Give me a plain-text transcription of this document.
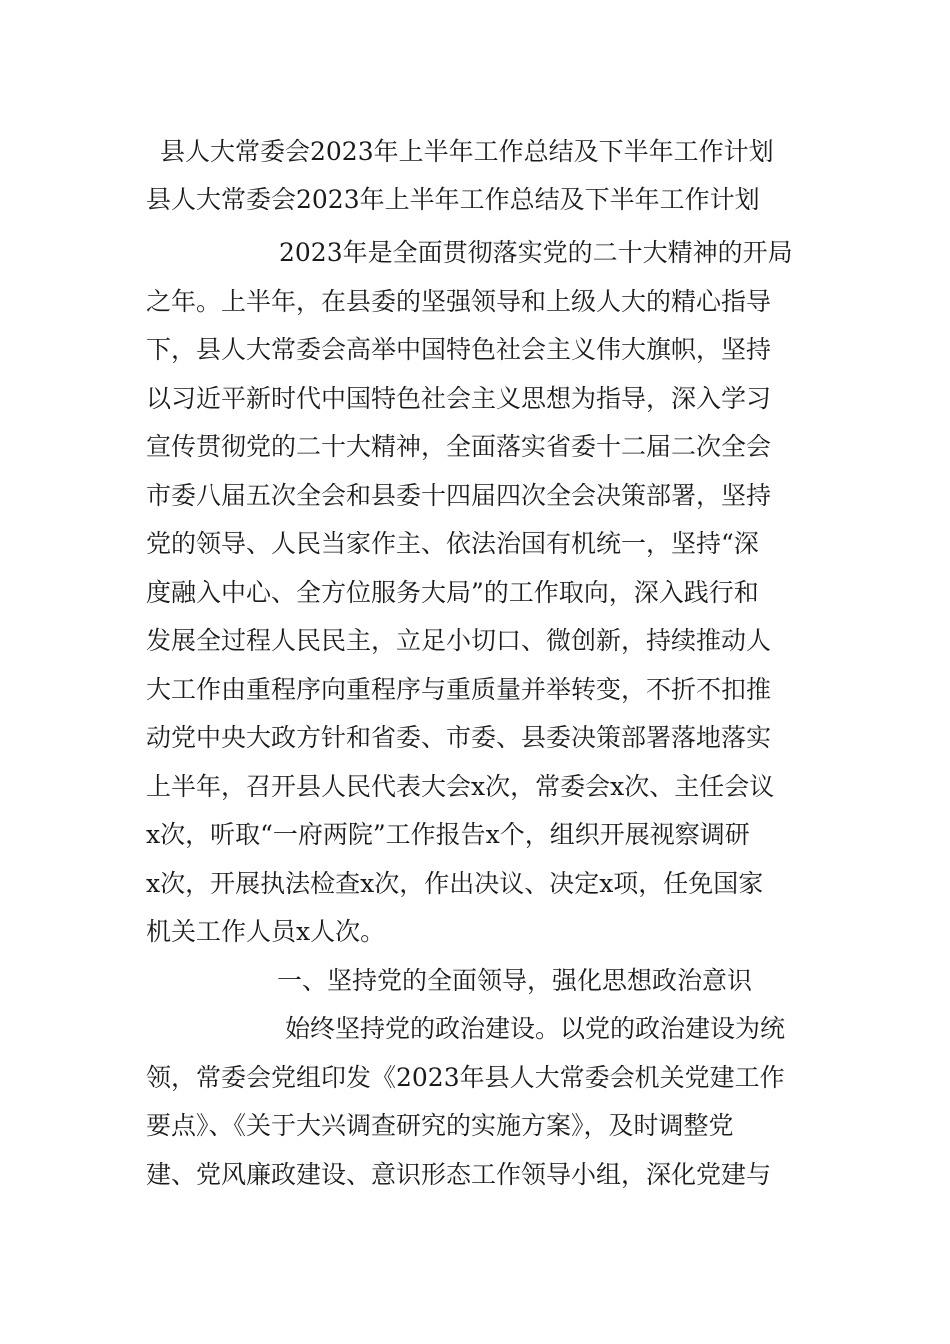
县人大常委会2023年上半年工作总结及下半年工作计划
县人大常委会2023年上半年工作总结及下半年工作计划
2023年是全面贯彻落实党的二十大精神的开局
之年。上半年，在县委的坚强领导和上级人大的精心指导
下，县人大常委会高举中国特色社会主义伟大旗帜，坚持
以习近平新时代中国特色社会主义思想为指导，深入学习
宣传贯彻党的二十大精神，全面落实省委十二届二次全会
市委八届五次全会和县委十四届四次全会决策部署，坚持
党的领导、人民当家作主、依法治国有机统一，坚持“深
度融入中心、全方位服务大局”的工作取向，深入践行和
发展全过程人民民主，立足小切口、微创新，持续推动人
大工作由重程序向重程序与重质量并举转变，不折不扣推
动党中央大政方针和省委、市委、县委决策部署落地落实
上半年，召开县人民代表大会x次，常委会x次、主任会议
x次，听取“一府两院”工作报告x个，组织开展视察调研
x次，开展执法检查x次，作出决议、决定x项，任免国家
机关工作人员x人次。
一、坚持党的全面领导，强化思想政治意识
始终坚持党的政治建设。以党的政治建设为统
领，常委会党组印发《2023年县人大常委会机关党建工作
要点》、《关于大兴调查研究的实施方案》，及时调整党
建、党风廉政建设、意识形态工作领导小组，深化党建与
